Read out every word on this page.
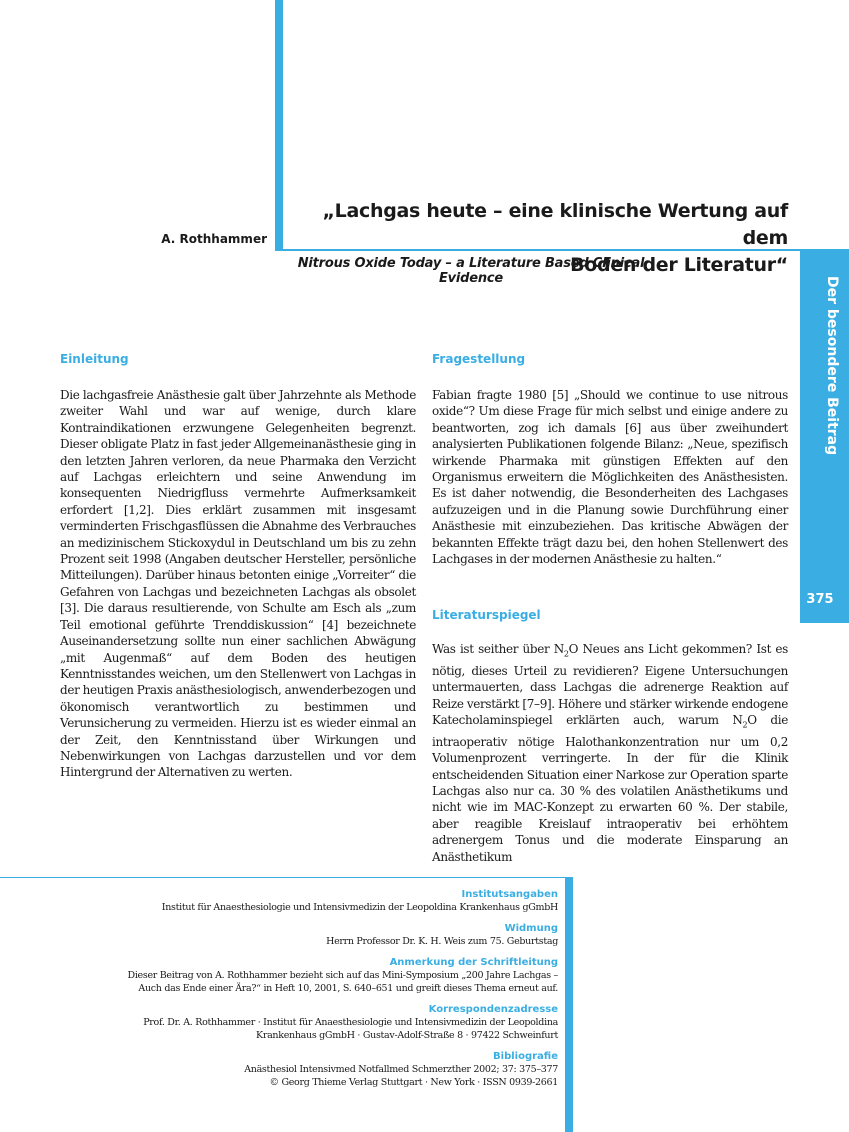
Der besondere Beitrag
375
A. Rothhammer
„Lachgas heute – eine klinische Wertung auf dem
Boden der Literatur“
Nitrous Oxide Today – a Literature Based Clinical Evidence
Einleitung

Die lachgasfreie Anästhesie galt über Jahrzehnte als Methode zweiter Wahl und war auf wenige, durch klare Kontraindikationen erzwungene Gelegenheiten begrenzt. Dieser obligate Platz in fast jeder Allgemeinanästhesie ging in den letzten Jahren verloren, da neue Pharmaka den Verzicht auf Lachgas erleichtern und seine Anwendung im konsequenten Niedrigfluss vermehrte Aufmerksamkeit erfordert [1,2]. Dies erklärt zusammen mit insgesamt verminderten Frischgasflüssen die Abnahme des Verbrauches an medizinischem Stickoxydul in Deutschland um bis zu zehn Prozent seit 1998 (Angaben deutscher Hersteller, persönliche Mitteilungen). Darüber hinaus betonten einige „Vorreiter“ die Gefahren von Lachgas und bezeichneten Lachgas als obsolet [3]. Die daraus resultierende, von Schulte am Esch als „zum Teil emotional geführte Trenddiskussion“ [4] bezeichnete Auseinandersetzung sollte nun einer sachlichen Abwägung „mit Augenmaß“ auf dem Boden des heutigen Kenntnisstandes weichen, um den Stellenwert von Lachgas in der heutigen Praxis anästhesiologisch, anwenderbezogen und ökonomisch verantwortlich zu bestimmen und Verunsicherung zu vermeiden. Hierzu ist es wieder einmal an der Zeit, den Kenntnisstand über Wirkungen und Nebenwirkungen von Lachgas darzustellen und vor dem Hintergrund der Alternativen zu werten.

Fragestellung

Fabian fragte 1980 [5] „Should we continue to use nitrous oxide“? Um diese Frage für mich selbst und einige andere zu beantworten, zog ich damals [6] aus über zweihundert analysierten Publikationen folgende Bilanz: „Neue, spezifisch wirkende Pharmaka mit günstigen Effekten auf den Organismus erweitern die Möglichkeiten des Anästhesisten. Es ist daher notwendig, die Besonderheiten des Lachgases aufzuzeigen und in die Planung sowie Durchführung einer Anästhesie mit einzubeziehen. Das kritische Abwägen der bekannten Effekte trägt dazu bei, den hohen Stellenwert des Lachgases in der modernen Anästhesie zu halten.“

Literaturspiegel

Was ist seither über $N_2O$ Neues ans Licht gekommen? Ist es nötig, dieses Urteil zu revidieren? Eigene Untersuchungen untermauerten, dass Lachgas die adrenerge Reaktion auf Reize verstärkt [7–9]. Höhere und stärker wirkende endogene Katecholaminspiegel erklärten auch, warum $N_2O$ die intraoperativ nötige Halothankonzentration nur um 0,2 Volumenprozent verringerte. In der für die Klinik entscheidenden Situation einer Narkose zur Operation sparte Lachgas also nur ca. 30 % des volatilen Anästhetikums und nicht wie im MAC-Konzept zu erwarten 60 %. Der stabile, aber reagible Kreislauf intraoperativ bei erhöhtem adrenergem Tonus und die moderate Einsparung an Anästhetikum

Institutsangaben

Institut für Anaesthesiologie und Intensivmedizin der Leopoldina Krankenhaus gGmbH

Widmung

Herrn Professor Dr. K. H. Weis zum 75. Geburtstag

Anmerkung der Schriftleitung

Dieser Beitrag von A. Rothhammer bezieht sich auf das Mini-Symposium „200 Jahre Lachgas –

Auch das Ende einer Ära?“ in Heft 10, 2001, S. 640–651 und greift dieses Thema erneut auf.

Korrespondenzadresse

Prof. Dr. A. Rothhammer · Institut für Anaesthesiologie und Intensivmedizin der Leopoldina

Krankenhaus gGmbH · Gustav-Adolf-Straße 8 · 97422 Schweinfurt

Bibliografie

Anästhesiol Intensivmed Notfallmed Schmerzther 2002; 37: 375–377

© Georg Thieme Verlag Stuttgart · New York · ISSN 0939-2661
